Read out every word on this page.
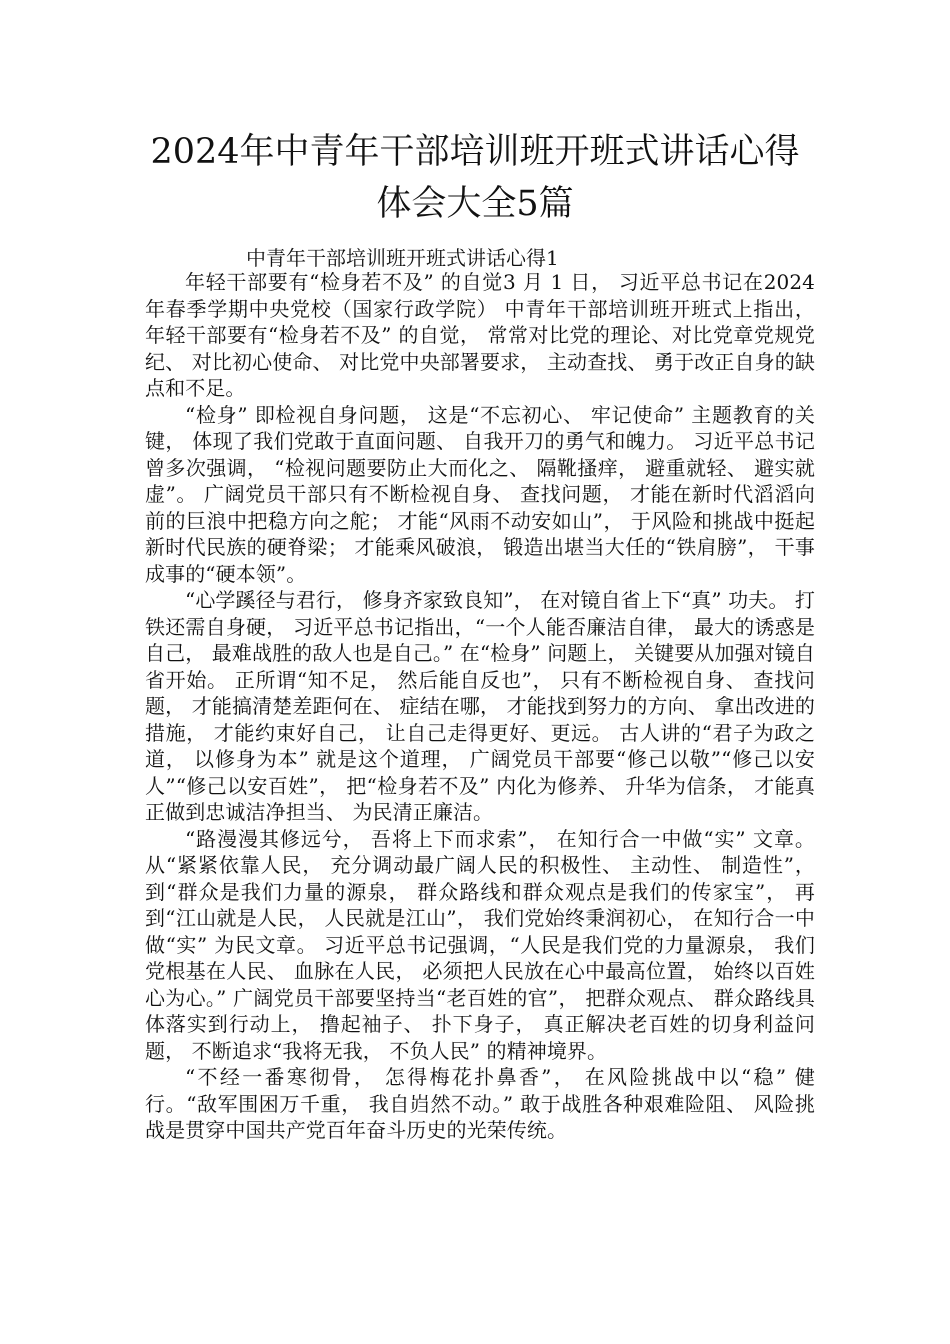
2024年中青年干部培训班开班式讲话心得
体会大全5篇
中青年干部培训班开班式讲话心得1

年轻干部要有“检身若不及” 的自觉3 月 1 日， 习近平总书记在2024 年春季学期中央党校（国家行政学院） 中青年干部培训班开班式上指出， 年轻干部要有“检身若不及” 的自觉， 常常对比党的理论、对比党章党规党纪、 对比初心使命、 对比党中央部署要求， 主动查找、 勇于改正自身的缺点和不足。

“检身” 即检视自身问题， 这是“不忘初心、 牢记使命” 主题教育的关键， 体现了我们党敢于直面问题、 自我开刀的勇气和魄力。 习近平总书记曾多次强调， “检视问题要防止大而化之、 隔靴搔痒， 避重就轻、 避实就虚”。 广阔党员干部只有不断检视自身、 查找问题， 才能在新时代滔滔向前的巨浪中把稳方向之舵； 才能“风雨不动安如山”， 于风险和挑战中挺起新时代民族的硬脊梁； 才能乘风破浪， 锻造出堪当大任的“铁肩膀”， 干事成事的“硬本领”。

“心学蹊径与君行， 修身齐家致良知”， 在对镜自省上下“真” 功夫。 打铁还需自身硬， 习近平总书记指出，“一个人能否廉洁自律， 最大的诱惑是自己， 最难战胜的敌人也是自己。” 在“检身” 问题上， 关键要从加强对镜自省开始。 正所谓“知不足， 然后能自反也”， 只有不断检视自身、 查找问题， 才能搞清楚差距何在、 症结在哪， 才能找到努力的方向、 拿出改进的措施， 才能约束好自己， 让自己走得更好、更远。 古人讲的“君子为政之道， 以修身为本” 就是这个道理， 广阔党员干部要“修己以敬”“修己以安人”“修己以安百姓”， 把“检身若不及” 内化为修养、 升华为信条， 才能真正做到忠诚洁净担当、 为民清正廉洁。

“路漫漫其修远兮， 吾将上下而求索”， 在知行合一中做“实” 文章。 从“紧紧依靠人民， 充分调动最广阔人民的积极性、 主动性、 制造性”， 到“群众是我们力量的源泉， 群众路线和群众观点是我们的传家宝”， 再到“江山就是人民， 人民就是江山”， 我们党始终秉润初心， 在知行合一中做“实” 为民文章。 习近平总书记强调，“人民是我们党的力量源泉， 我们党根基在人民、 血脉在人民， 必须把人民放在心中最高位置， 始终以百姓心为心。” 广阔党员干部要坚持当“老百姓的官”， 把群众观点、 群众路线具体落实到行动上， 撸起袖子、 扑下身子， 真正解决老百姓的切身利益问题， 不断追求“我将无我， 不负人民” 的精神境界。

“不经一番寒彻骨， 怎得梅花扑鼻香”， 在风险挑战中以“稳” 健行。“敌军围困万千重， 我自岿然不动。” 敢于战胜各种艰难险阻、 风险挑战是贯穿中国共产党百年奋斗历史的光荣传统。
